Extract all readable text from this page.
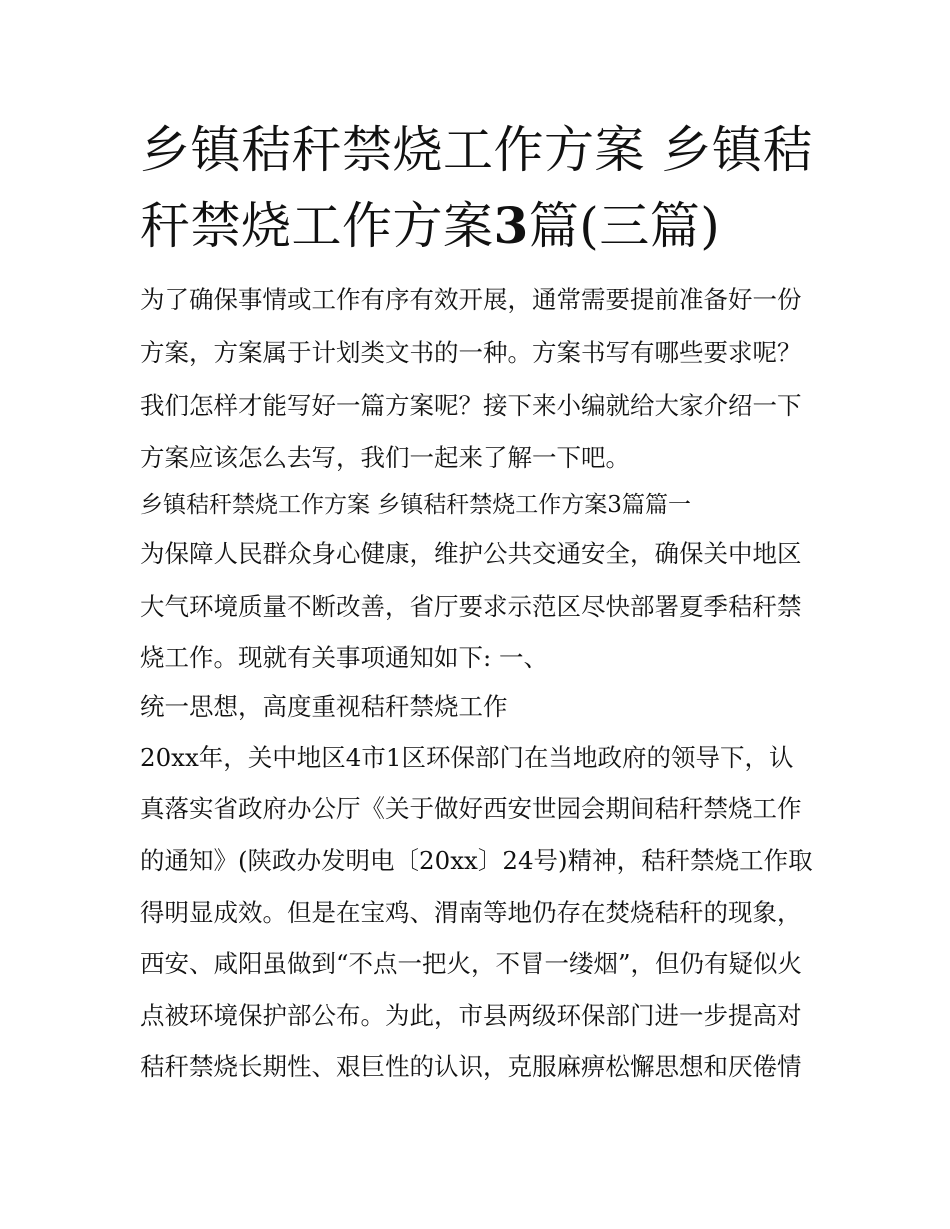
乡镇秸秆禁烧工作方案 乡镇秸
秆禁烧工作方案3篇(三篇)

为了确保事情或工作有序有效开展，通常需要提前准备好一份

方案，方案属于计划类文书的一种。方案书写有哪些要求呢？

我们怎样才能写好一篇方案呢？接下来小编就给大家介绍一下

方案应该怎么去写，我们一起来了解一下吧。

乡镇秸秆禁烧工作方案 乡镇秸秆禁烧工作方案3篇篇一

为保障人民群众身心健康，维护公共交通安全，确保关中地区

大气环境质量不断改善，省厅要求示范区尽快部署夏季秸秆禁

烧工作。现就有关事项通知如下: 一、

统一思想，高度重视秸秆禁烧工作

20xx年，关中地区4市1区环保部门在当地政府的领导下，认

真落实省政府办公厅《关于做好西安世园会期间秸秆禁烧工作

的通知》(陕政办发明电〔20xx〕24号)精神，秸秆禁烧工作取

得明显成效。但是在宝鸡、渭南等地仍存在焚烧秸秆的现象，

西安、咸阳虽做到“不点一把火，不冒一缕烟”，但仍有疑似火

点被环境保护部公布。为此，市县两级环保部门进一步提高对

秸秆禁烧长期性、艰巨性的认识，克服麻痹松懈思想和厌倦情
